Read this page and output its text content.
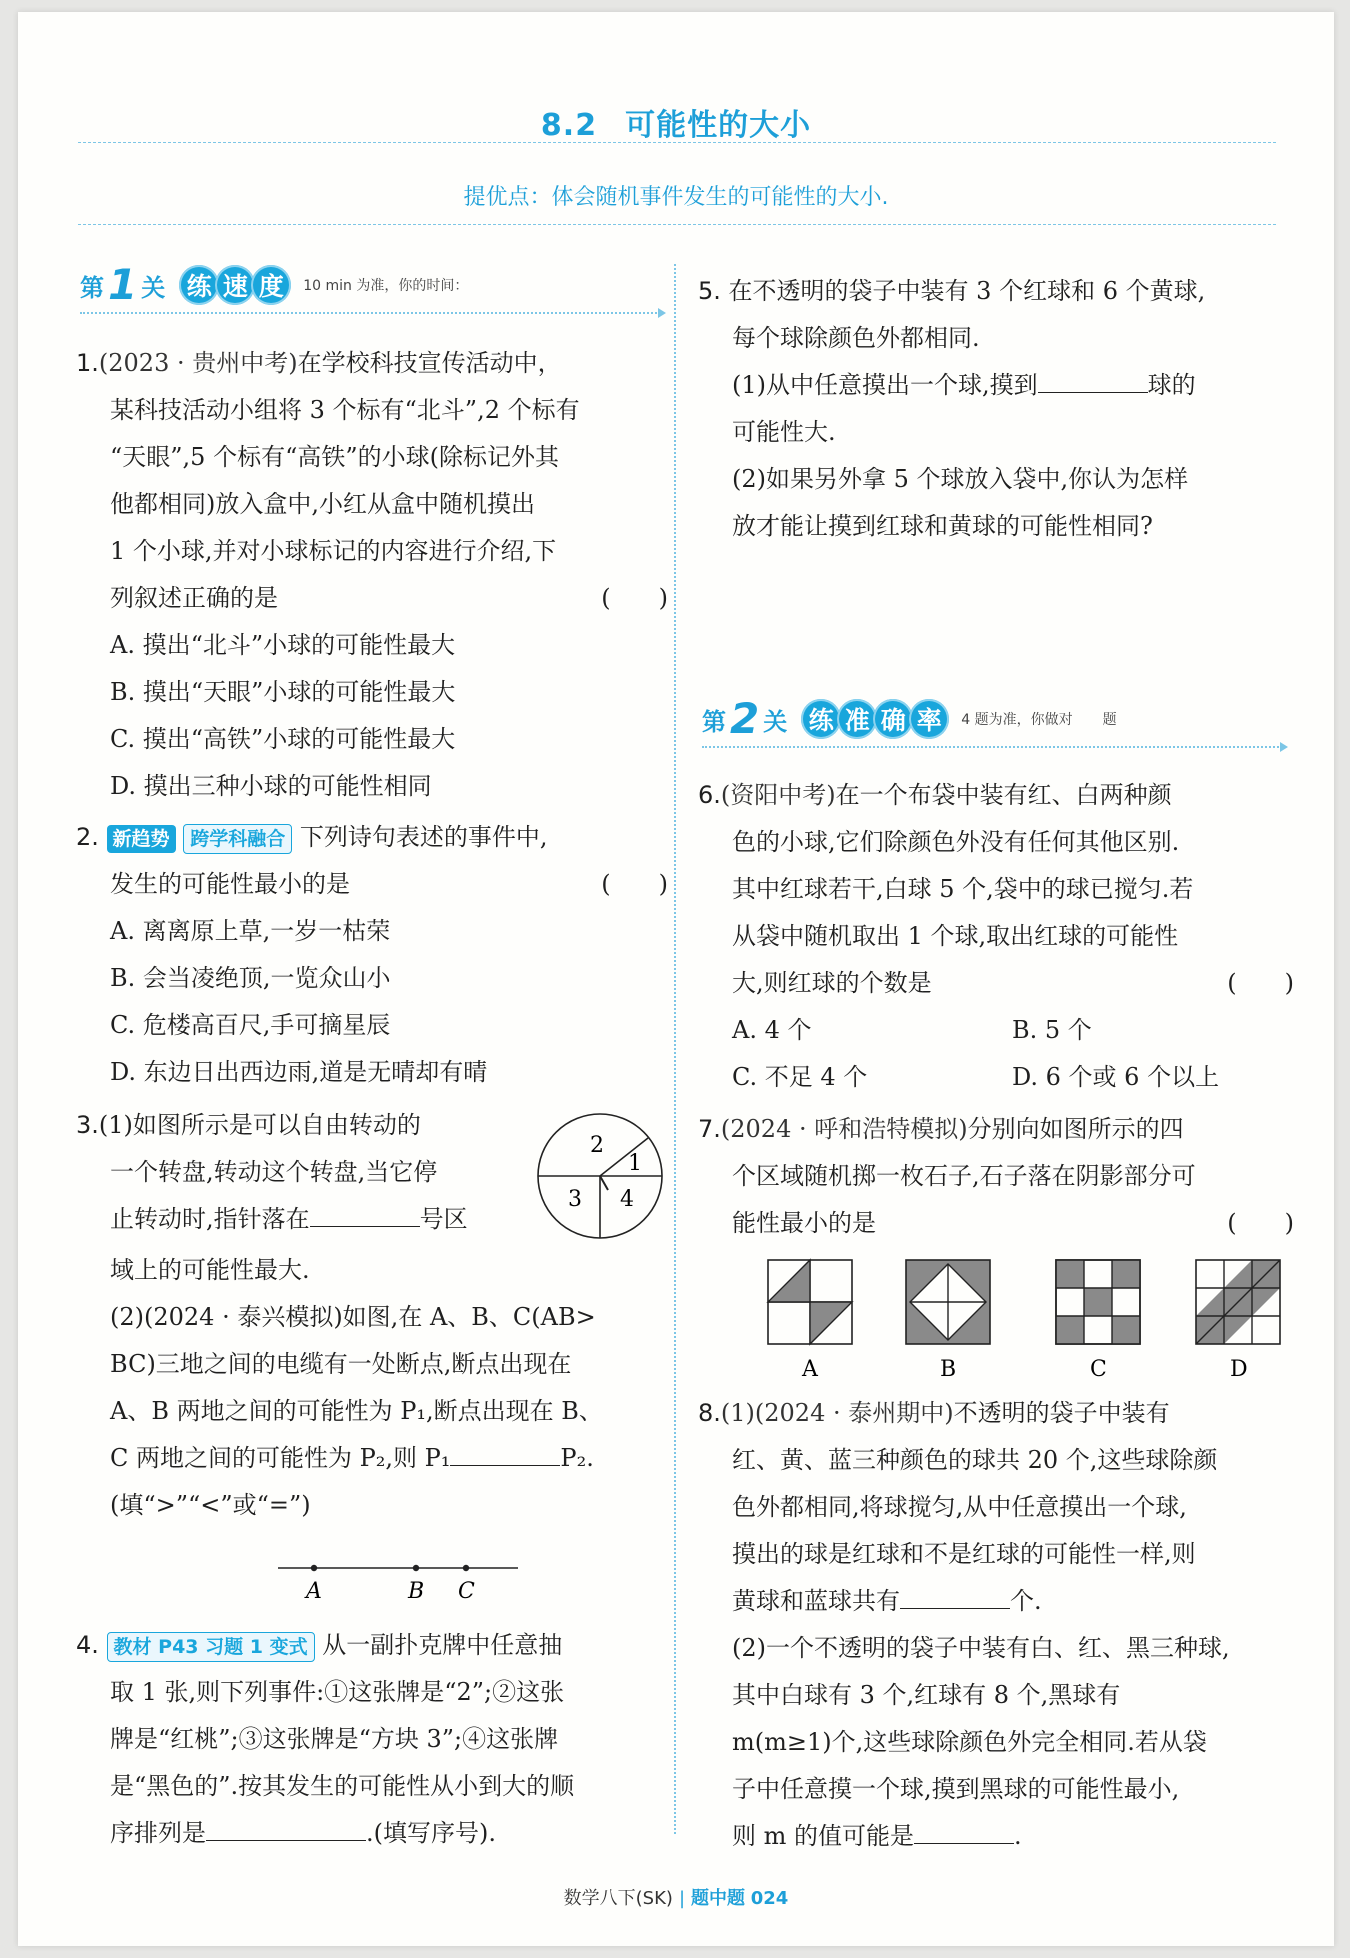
8.2 可能性的大小
提优点：体会随机事件发生的可能性的大小.
第 1 关 练 速 度	10 min 为准，你的时间：
1.(2023 · 贵州中考)在学校科技宣传活动中，
某科技活动小组将 3 个标有“北斗”,2 个标有
“天眼”,5 个标有“高铁”的小球(除标记外其
他都相同)放入盒中,小红从盒中随机摸出
1 个小球,并对小球标记的内容进行介绍,下
列叙述正确的是	(　　)
A. 摸出“北斗”小球的可能性最大
B. 摸出“天眼”小球的可能性最大
C. 摸出“高铁”小球的可能性最大
D. 摸出三种小球的可能性相同
2. 新趋势 跨学科融合 下列诗句表述的事件中,
发生的可能性最小的是	(　　)
A. 离离原上草,一岁一枯荣
B. 会当凌绝顶,一览众山小
C. 危楼高百尺,手可摘星辰
D. 东边日出西边雨,道是无晴却有晴
3.(1)如图所示是可以自由转动的
一个转盘,转动这个转盘,当它停
止转动时,指针落在	号区
域上的可能性最大.
(2)(2024 · 泰兴模拟)如图,在 A、B、C(AB>
BC)三地之间的电缆有一处断点,断点出现在
A、B 两地之间的可能性为 P₁,断点出现在 B、
C 两地之间的可能性为 P₂,则 P₁	P₂.
(填“>”“<”或“=”)
2
1
3 4
A	B C
4. 教材 P43 习题 1 变式 从一副扑克牌中任意抽
取 1 张,则下列事件:①这张牌是“2”;②这张
牌是“红桃”;③这张牌是“方块 3”;④这张牌
是“黑色的”.按其发生的可能性从小到大的顺
序排列是	.(填写序号).
5. 在不透明的袋子中装有 3 个红球和 6 个黄球,
每个球除颜色外都相同.
(1)从中任意摸出一个球,摸到	球的
可能性大.
(2)如果另外拿 5 个球放入袋中,你认为怎样
放才能让摸到红球和黄球的可能性相同?
第 2 关 练 准 确 率	4 题为准，你做对 题
6.(资阳中考)在一个布袋中装有红、白两种颜
色的小球,它们除颜色外没有任何其他区别.
其中红球若干,白球 5 个,袋中的球已搅匀.若
从袋中随机取出 1 个球,取出红球的可能性
大,则红球的个数是	(　　)
A. 4 个	B. 5 个
C. 不足 4 个	D. 6 个或 6 个以上
7.(2024 · 呼和浩特模拟)分别向如图所示的四
个区域随机掷一枚石子,石子落在阴影部分可
能性最小的是	(　　)
A	B	C	D
8.(1)(2024 · 泰州期中)不透明的袋子中装有
红、黄、蓝三种颜色的球共 20 个,这些球除颜
色外都相同,将球搅匀,从中任意摸出一个球,
摸出的球是红球和不是红球的可能性一样,则
黄球和蓝球共有	个.
(2)一个不透明的袋子中装有白、红、黑三种球,
其中白球有 3 个,红球有 8 个,黑球有
m(m≥1)个,这些球除颜色外完全相同.若从袋
子中任意摸一个球,摸到黑球的可能性最小,
则 m 的值可能是	.
数学八下(SK) | 题中题 024
